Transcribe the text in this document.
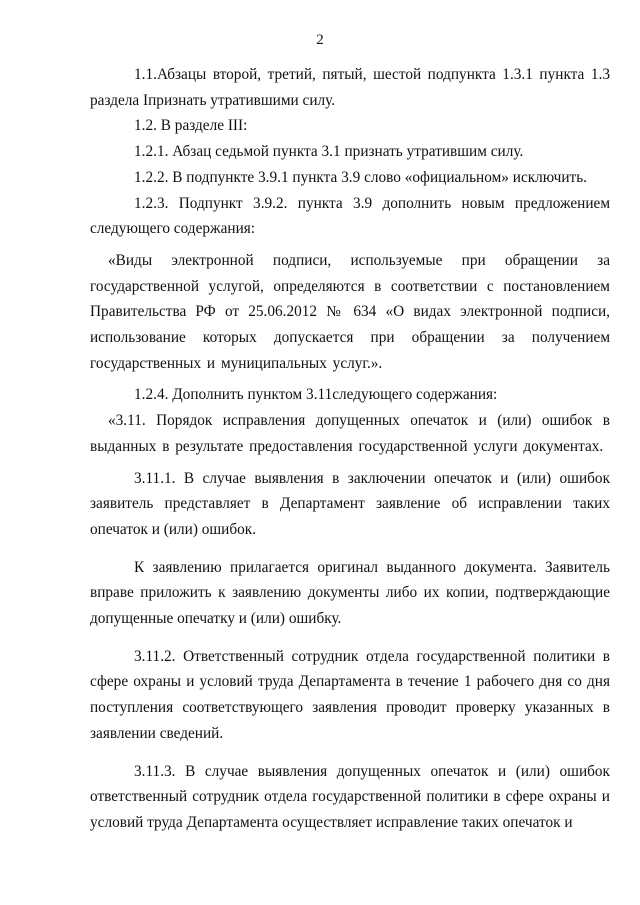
2

1.1.Абзацы второй, третий, пятый, шестой подпункта 1.3.1 пункта 1.3 раздела Iпризнать утратившими силу.

1.2. В разделе III:

1.2.1. Абзац седьмой пункта 3.1 признать утратившим силу.

1.2.2. В подпункте 3.9.1 пункта 3.9 слово «официальном» исключить.

1.2.3. Подпункт 3.9.2. пункта 3.9 дополнить новым предложением следующего содержания:

«Виды электронной подписи, используемые при обращении за государственной услугой, определяются в соответствии с постановлением Правительства РФ от 25.06.2012 № 634 «О видах электронной подписи, использование которых допускается при обращении за получением государственных и муниципальных услуг.».

1.2.4. Дополнить пунктом 3.11следующего содержания:

«3.11. Порядок исправления допущенных опечаток и (или) ошибок в выданных в результате предоставления государственной услуги документах.

3.11.1. В случае выявления в заключении опечаток и (или) ошибок заявитель представляет в Департамент заявление об исправлении таких опечаток и (или) ошибок.

К заявлению прилагается оригинал выданного документа. Заявитель вправе приложить к заявлению документы либо их копии, подтверждающие допущенные опечатку и (или) ошибку.

3.11.2. Ответственный сотрудник отдела государственной политики в сфере охраны и условий труда Департамента в течение 1 рабочего дня со дня поступления соответствующего заявления проводит проверку указанных в заявлении сведений.

3.11.3. В случае выявления допущенных опечаток и (или) ошибок ответственный сотрудник отдела государственной политики в сфере охраны и условий труда Департамента осуществляет исправление таких опечаток и
